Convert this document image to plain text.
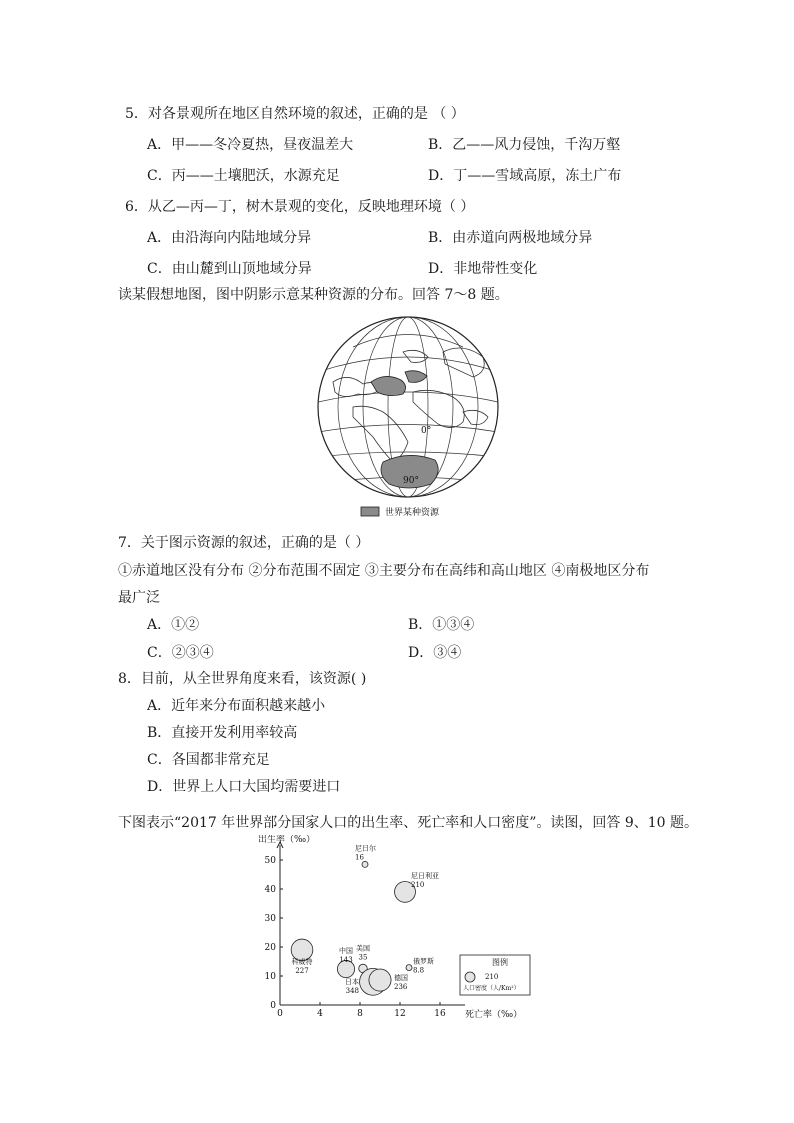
5．对各景观所在地区自然环境的叙述，正确的是 （ ）
A．甲——冬冷夏热，昼夜温差大	B．乙——风力侵蚀，千沟万壑
C．丙——土壤肥沃，水源充足	D．丁——雪域高原，冻土广布
6．从乙—丙—丁，树木景观的变化，反映地理环境（ ）
A．由沿海向内陆地域分异	B．由赤道向两极地域分异
C．由山麓到山顶地域分异	D．非地带性变化
读某假想地图，图中阴影示意某种资源的分布。回答 7～8 题。
0°
90°
世界某种资源
7．关于图示资源的叙述，正确的是（ ）
①赤道地区没有分布 ②分布范围不固定 ③主要分布在高纬和高山地区 ④南极地区分布
最广泛
A．①②	B．①③④
C．②③④	D．③④
8．目前，从全世界角度来看，该资源( )
A．近年来分布面积越来越小
B．直接开发利用率较高
C．各国都非常充足
D．世界上人口大国均需要进口
下图表示“2017 年世界部分国家人口的出生率、死亡率和人口密度”。读图，回答 9、10 题。
出生率（‰）
死亡率（‰）
0	4	8	12	16
0
10
20
30
40
50
尼日尔
16
尼日利亚
210
科威特
227
中国
143
美国
35
俄罗斯
8.8
日本
348
德国
236
图例
210
人口密度（人/Km²）
